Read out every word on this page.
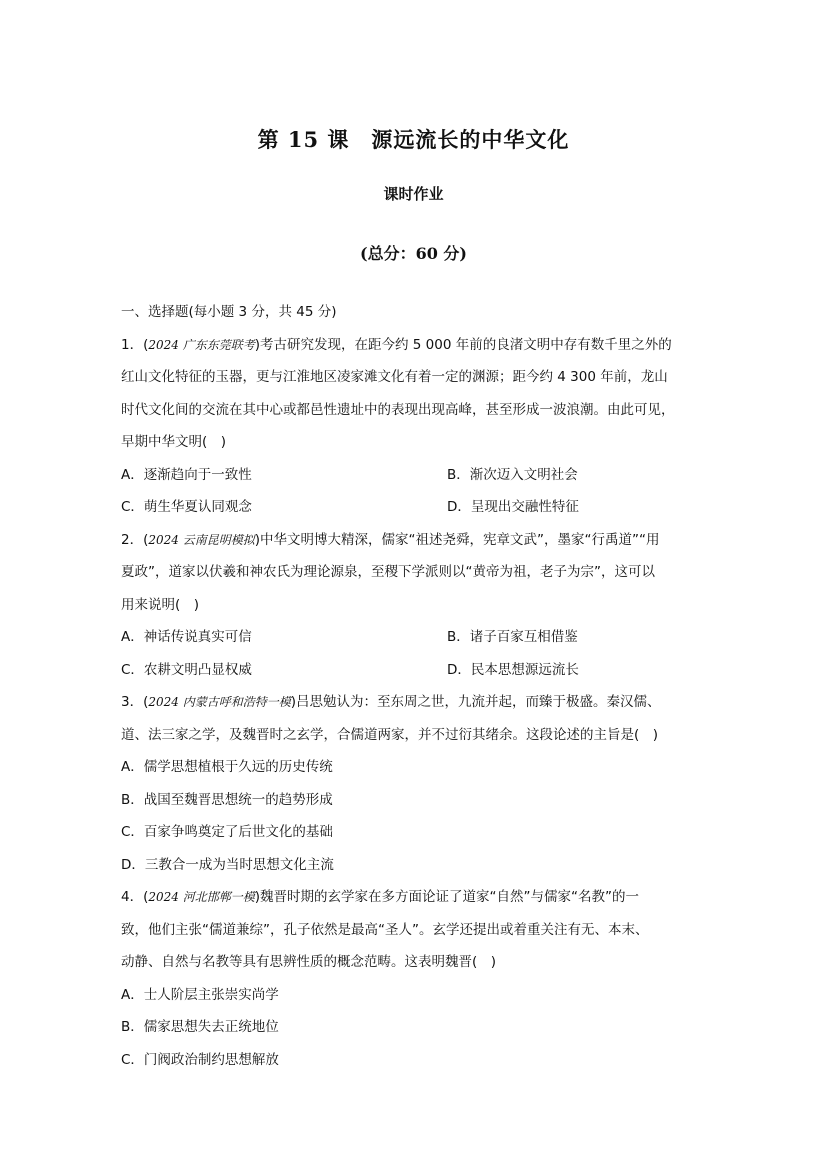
第 15 课　源远流长的中华文化
课时作业
(总分：60 分)
一、选择题(每小题 3 分，共 45 分)
1．(2024 广东东莞联考)考古研究发现，在距今约 5 000 年前的良渚文明中存有数千里之外的
红山文化特征的玉器，更与江淮地区凌家滩文化有着一定的渊源；距今约 4 300 年前，龙山
时代文化间的交流在其中心或都邑性遗址中的表现出现高峰，甚至形成一波浪潮。由此可见，
早期中华文明(　)
A．逐渐趋向于一致性	B．渐次迈入文明社会
C．萌生华夏认同观念	D．呈现出交融性特征
2．(2024 云南昆明模拟)中华文明博大精深，儒家“祖述尧舜，宪章文武”，墨家“行禹道”“用
夏政”，道家以伏羲和神农氏为理论源泉，至稷下学派则以“黄帝为祖，老子为宗”，这可以
用来说明(　)
A．神话传说真实可信	B．诸子百家互相借鉴
C．农耕文明凸显权威	D．民本思想源远流长
3．(2024 内蒙古呼和浩特一模)吕思勉认为：至东周之世，九流并起，而臻于极盛。秦汉儒、
道、法三家之学，及魏晋时之玄学，合儒道两家，并不过衍其绪余。这段论述的主旨是(　)
A．儒学思想植根于久远的历史传统
B．战国至魏晋思想统一的趋势形成
C．百家争鸣奠定了后世文化的基础
D．三教合一成为当时思想文化主流
4．(2024 河北邯郸一模)魏晋时期的玄学家在多方面论证了道家“自然”与儒家“名教”的一
致，他们主张“儒道兼综”，孔子依然是最高“圣人”。玄学还提出或着重关注有无、本末、
动静、自然与名教等具有思辨性质的概念范畴。这表明魏晋(　)
A．士人阶层主张崇实尚学
B．儒家思想失去正统地位
C．门阀政治制约思想解放
